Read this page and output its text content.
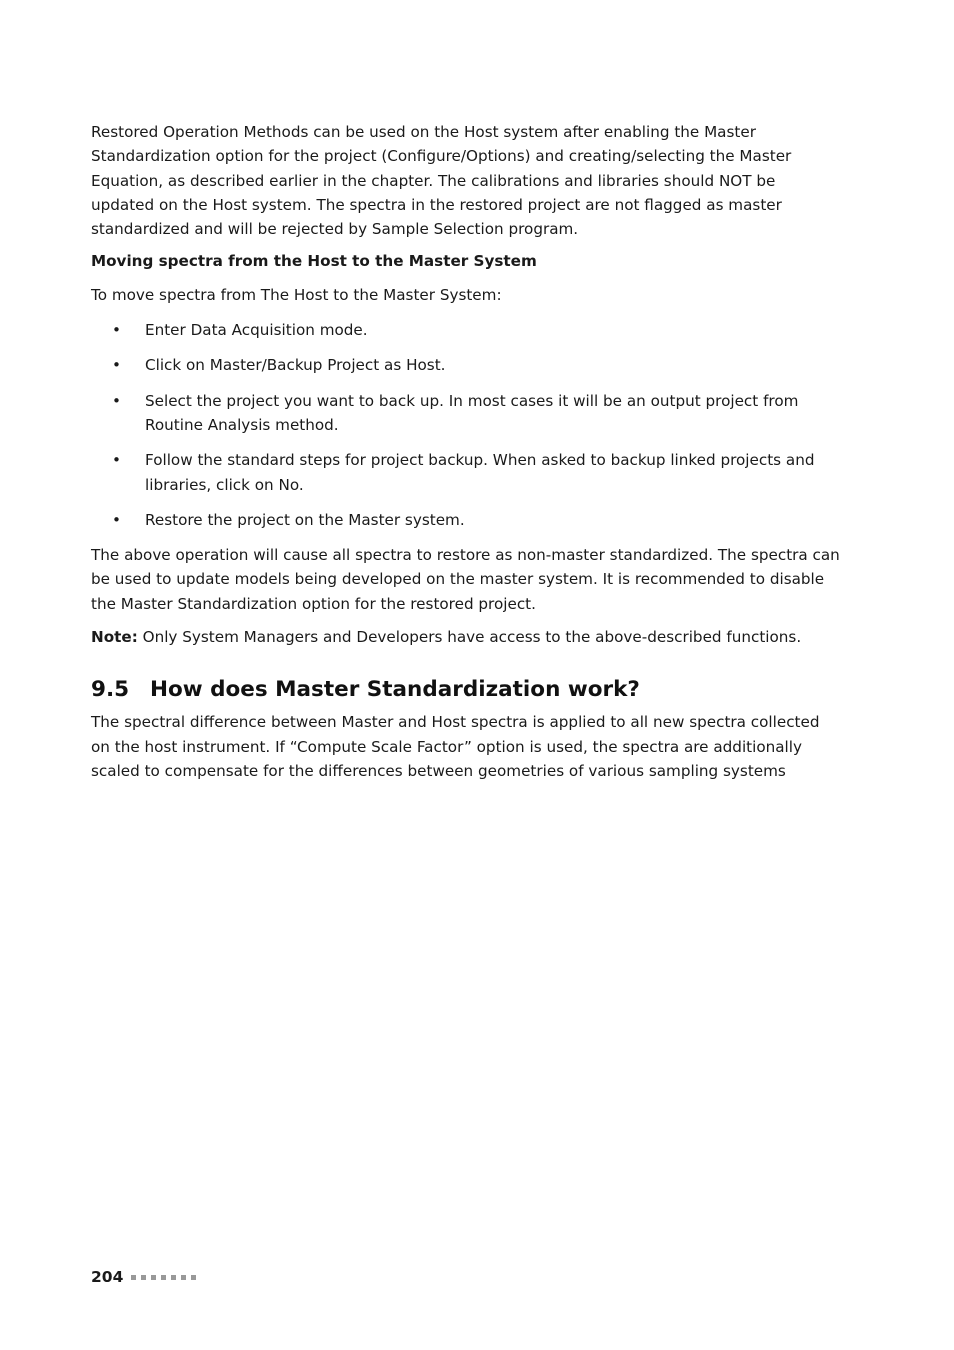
Restored Operation Methods can be used on the Host system after enabling the Master Standardization option for the project (Configure/Options) and creating/selecting the Master Equation, as described earlier in the chapter. The calibrations and libraries should NOT be updated on the Host system. The spectra in the restored project are not flagged as master standardized and will be rejected by Sample Selection program.

Moving spectra from the Host to the Master System

To move spectra from The Host to the Master System:

• Enter Data Acquisition mode.
• Click on Master/Backup Project as Host.
• Select the project you want to back up. In most cases it will be an output project from Routine Analysis method.
• Follow the standard steps for project backup. When asked to backup linked projects and libraries, click on No.
• Restore the project on the Master system.

The above operation will cause all spectra to restore as non-master standardized. The spectra can be used to update models being developed on the master system. It is recommended to disable the Master Standardization option for the restored project.

Note: Only System Managers and Developers have access to the above-described functions.

9.5 How does Master Standardization work?

The spectral difference between Master and Host spectra is applied to all new spectra collected on the host instrument. If “Compute Scale Factor” option is used, the spectra are additionally scaled to compensate for the differences between geometries of various sampling systems

204
